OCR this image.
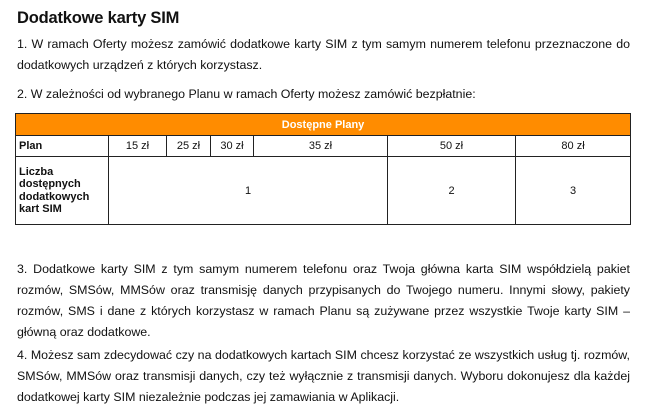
Dodatkowe karty SIM
1. W ramach Oferty możesz zamówić dodatkowe karty SIM z tym samym numerem telefonu przeznaczone do dodatkowych urządzeń z których korzystasz.
2. W zależności od wybranego Planu w ramach Oferty możesz zamówić bezpłatnie:
Dostępne Plany						
Plan	15 zł	25 zł	30 zł	35 zł	50 zł	80 zł
Liczba dostępnych dodatkowych kart SIM	1				2	3
3. Dodatkowe karty SIM z tym samym numerem telefonu oraz Twoja główna karta SIM współdzielą pakiet rozmów, SMSów, MMSów oraz transmisję danych przypisanych do Twojego numeru. Innymi słowy, pakiety rozmów, SMS i dane z których korzystasz w ramach Planu są zużywane przez wszystkie Twoje karty SIM – główną oraz dodatkowe.
4. Możesz sam zdecydować czy na dodatkowych kartach SIM chcesz korzystać ze wszystkich usług tj. rozmów, SMSów, MMSów oraz transmisji danych, czy też wyłącznie z transmisji danych. Wyboru dokonujesz dla każdej dodatkowej karty SIM niezależnie podczas jej zamawiania w Aplikacji.
